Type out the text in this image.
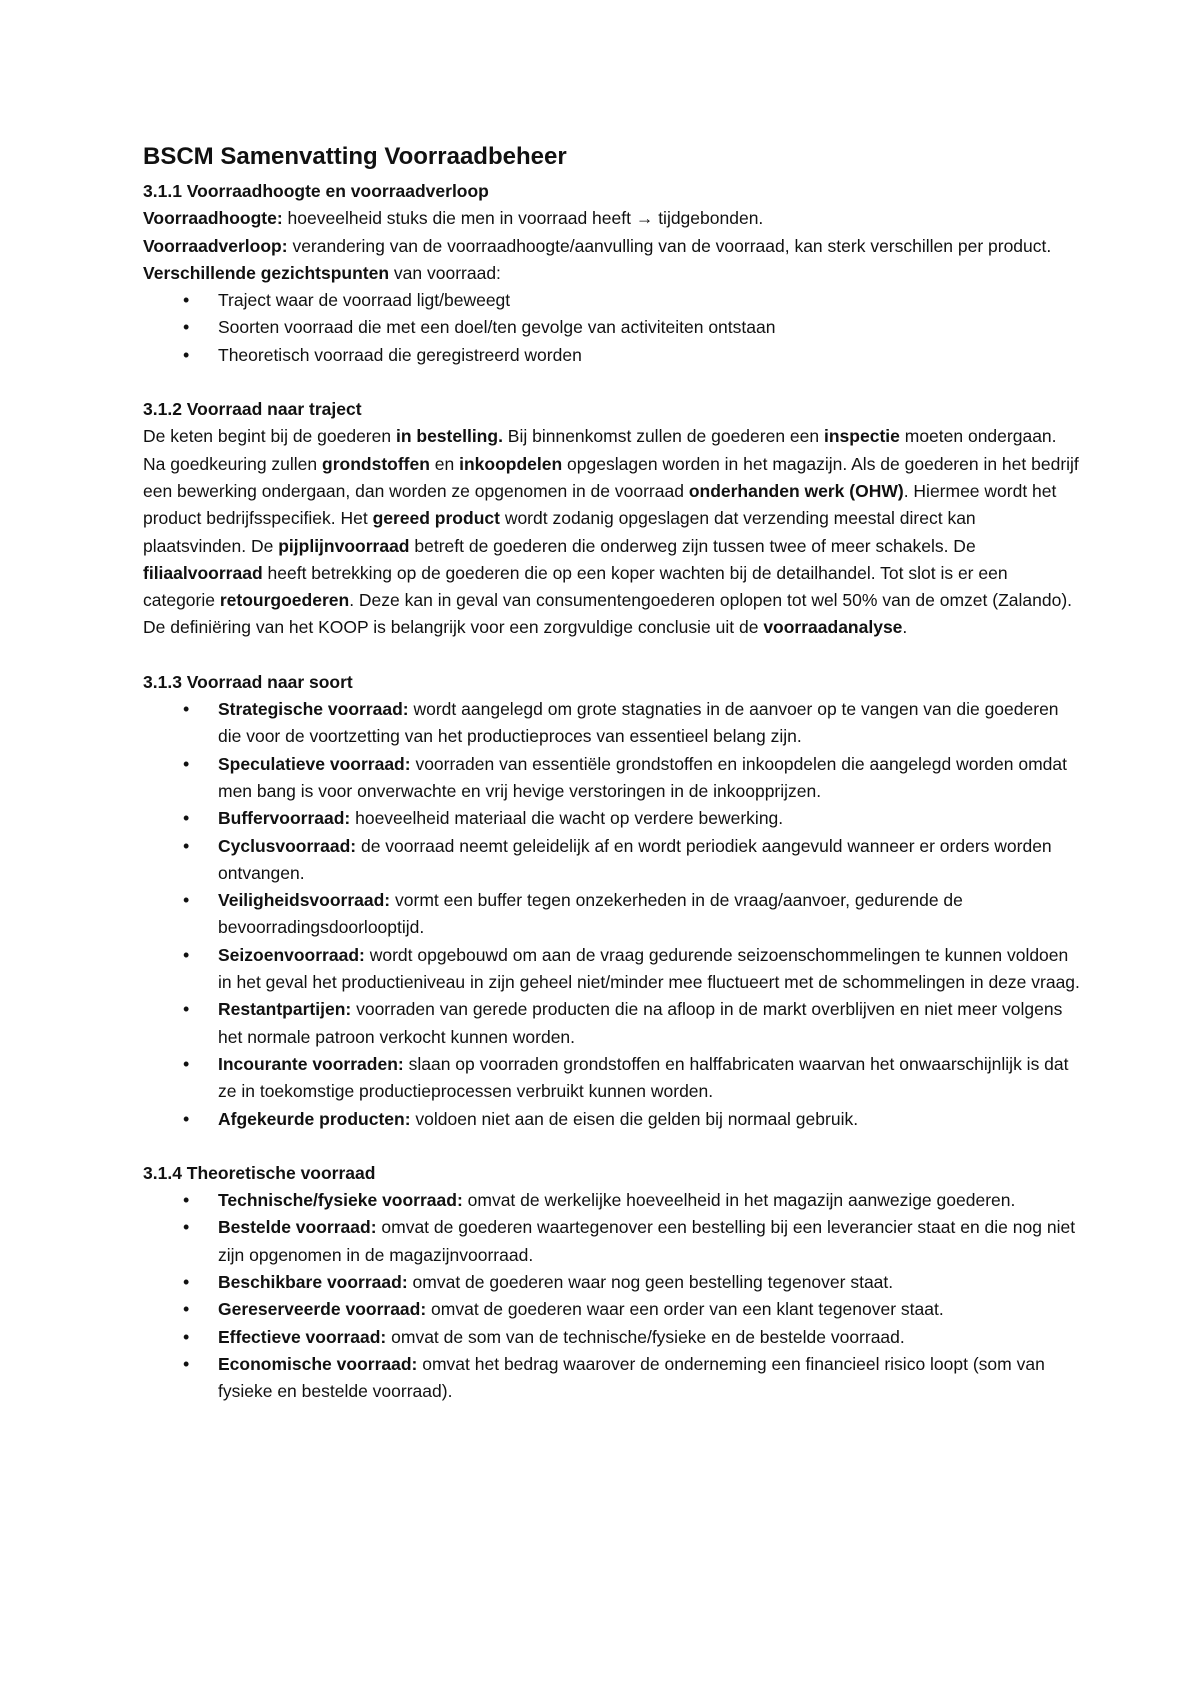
BSCM Samenvatting Voorraadbeheer
3.1.1 Voorraadhoogte en voorraadverloop

Voorraadhoogte: hoeveelheid stuks die men in voorraad heeft → tijdgebonden.

Voorraadverloop: verandering van de voorraadhoogte/aanvulling van de voorraad, kan sterk verschillen per product.

Verschillende gezichtspunten van voorraad:

• Traject waar de voorraad ligt/beweegt
• Soorten voorraad die met een doel/ten gevolge van activiteiten ontstaan
• Theoretisch voorraad die geregistreerd worden
3.1.2 Voorraad naar traject

De keten begint bij de goederen in bestelling. Bij binnenkomst zullen de goederen een inspectie moeten ondergaan. Na goedkeuring zullen grondstoffen en inkoopdelen opgeslagen worden in het magazijn. Als de goederen in het bedrijf een bewerking ondergaan, dan worden ze opgenomen in de voorraad onderhanden werk (OHW). Hiermee wordt het product bedrijfsspecifiek. Het gereed product wordt zodanig opgeslagen dat verzending meestal direct kan plaatsvinden. De pijplijnvoorraad betreft de goederen die onderweg zijn tussen twee of meer schakels. De filiaalvoorraad heeft betrekking op de goederen die op een koper wachten bij de detailhandel. Tot slot is er een categorie retourgoederen. Deze kan in geval van consumentengoederen oplopen tot wel 50% van de omzet (Zalando). De definiëring van het KOOP is belangrijk voor een zorgvuldige conclusie uit de voorraadanalyse.

3.1.3 Voorraad naar soort
• Strategische voorraad: wordt aangelegd om grote stagnaties in de aanvoer op te vangen van die goederen die voor de voortzetting van het productieproces van essentieel belang zijn.
• Speculatieve voorraad: voorraden van essentiële grondstoffen en inkoopdelen die aangelegd worden omdat men bang is voor onverwachte en vrij hevige verstoringen in de inkoopprijzen.
• Buffervoorraad: hoeveelheid materiaal die wacht op verdere bewerking.
• Cyclusvoorraad: de voorraad neemt geleidelijk af en wordt periodiek aangevuld wanneer er orders worden ontvangen.
• Veiligheidsvoorraad: vormt een buffer tegen onzekerheden in de vraag/aanvoer, gedurende de bevoorradingsdoorlooptijd.
• Seizoenvoorraad: wordt opgebouwd om aan de vraag gedurende seizoenschommelingen te kunnen voldoen in het geval het productieniveau in zijn geheel niet/minder mee fluctueert met de schommelingen in deze vraag.
• Restantpartijen: voorraden van gerede producten die na afloop in de markt overblijven en niet meer volgens het normale patroon verkocht kunnen worden.
• Incourante voorraden: slaan op voorraden grondstoffen en halffabricaten waarvan het onwaarschijnlijk is dat ze in toekomstige productieprocessen verbruikt kunnen worden.
• Afgekeurde producten: voldoen niet aan de eisen die gelden bij normaal gebruik.
3.1.4 Theoretische voorraad
• Technische/fysieke voorraad: omvat de werkelijke hoeveelheid in het magazijn aanwezige goederen.
• Bestelde voorraad: omvat de goederen waartegenover een bestelling bij een leverancier staat en die nog niet zijn opgenomen in de magazijnvoorraad.
• Beschikbare voorraad: omvat de goederen waar nog geen bestelling tegenover staat.
• Gereserveerde voorraad: omvat de goederen waar een order van een klant tegenover staat.
• Effectieve voorraad: omvat de som van de technische/fysieke en de bestelde voorraad.
• Economische voorraad: omvat het bedrag waarover de onderneming een financieel risico loopt (som van fysieke en bestelde voorraad).
